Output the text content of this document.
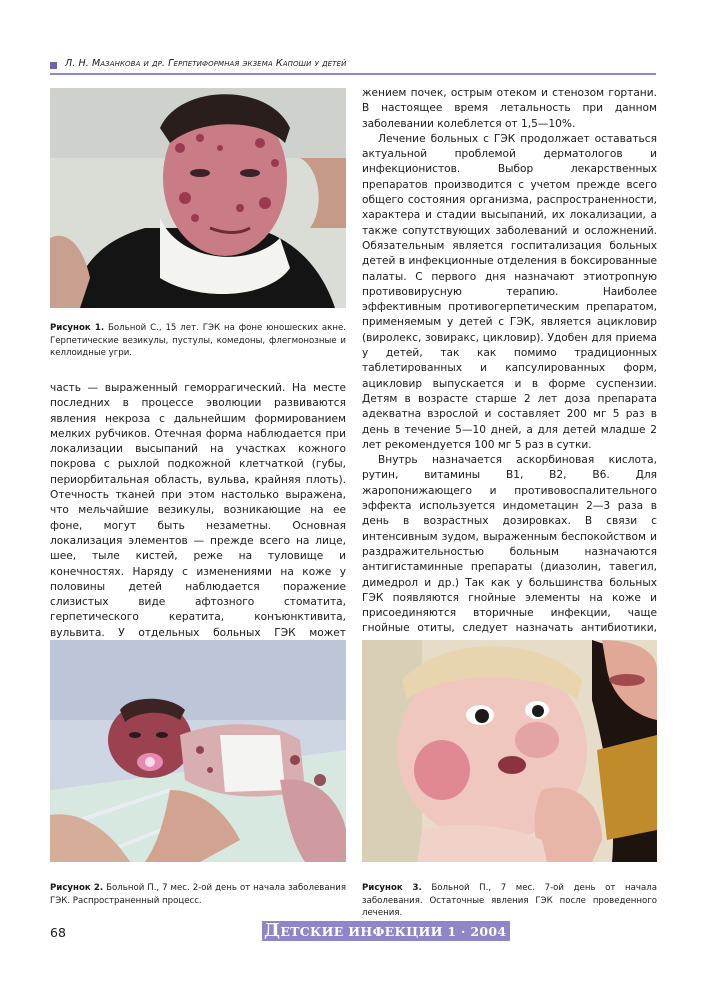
Л. Н. Мазанкова и др. Герпетиформная экзема Капоши у детей
Рисунок 1. Больной С., 15 лет. ГЭК на фоне юношеских акне. Герпетические везикулы, пустулы, комедоны, флегмонозные и келлоидные угри.

часть — выраженный геморрагический. На месте последних в процессе эволюции развиваются явления некроза с дальнейшим формированием мелких рубчиков. Отечная форма наблюдается при локализации высыпаний на участках кожного покрова с рыхлой подкожной клетчаткой (губы, периорбитальная область, вульва, крайняя плоть). Отечность тканей при этом настолько выражена, что мельчайшие везикулы, возникающие на ее фоне, могут быть незаметны. Основная локализация элементов — прежде всего на лице, шее, тыле кистей, реже на туловище и конечностях. Наряду с изменениями на коже у половины детей наблюдается поражение слизистых виде афтозного стоматита, герпетического кератита, конъюнктивита, вульвита. У отдельных больных ГЭК может

жением почек, острым отеком и стенозом гортани. В настоящее время летальность при данном заболевании колеблется от 1,5—10%.

Лечение больных с ГЭК продолжает оставаться актуальной проблемой дерматологов и инфекционистов. Выбор лекарственных препаратов производится с учетом прежде всего общего состояния организма, распространенности, характера и стадии высыпаний, их локализации, а также сопутствующих заболеваний и осложнений. Обязательным является госпитализация больных детей в инфекционные отделения в боксированные палаты. С первого дня назначают этиотропную противовирусную терапию. Наиболее эффективным противогерпетическим препаратом, применяемым у детей с ГЭК, является ацикловир (виролекс, зовиракс, цикловир). Удобен для приема у детей, так как помимо традиционных таблетированных и капсулированных форм, ацикловир выпускается и в форме суспензии. Детям в возрасте старше 2 лет доза препарата адекватна взрослой и составляет 200 мг 5 раз в день в течение 5—10 дней, а для детей младше 2 лет рекомендуется 100 мг 5 раз в сутки.

Внутрь назначается аскорбиновая кислота, рутин, витамины В1, В2, В6. Для жаропонижающего и противовоспалительного эффекта используется индометацин 2—3 раза в день в возрастных дозировках. В связи с интенсивным зудом, выраженным беспокойством и раздражительностью больным назначаются антигистаминные препараты (диазолин, тавегил, димедрол и др.) Так как у большинства больных ГЭК появляются гнойные элементы на коже и присоединяются вторичные инфекции, чаще гнойные отиты, следует назначать антибиотики,

Рисунок 2. Больной П., 7 мес. 2-ой день от начала заболевания ГЭК. Распространенный процесс.
Рисунок 3. Больной П., 7 мес. 7-ой день от начала заболевания. Остаточные явления ГЭК после проведенного лечения.
68	ДЕТСКИЕ ИНФЕКЦИИ 1 · 2004
